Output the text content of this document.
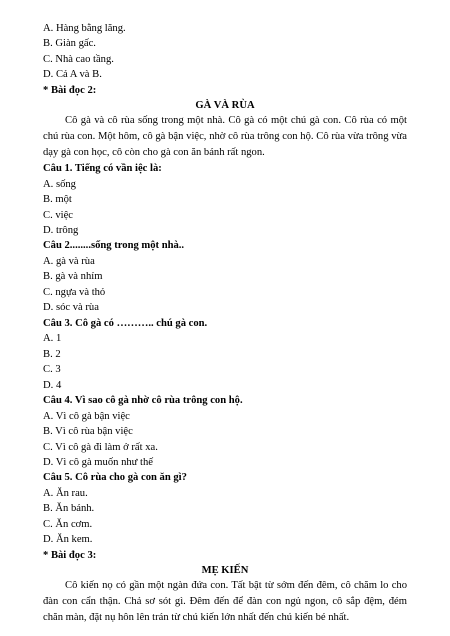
A. Hàng bằng lăng.
B. Giàn gấc.
C. Nhà cao tầng.
D. Cả A và B.
* Bài đọc 2:
GÀ VÀ RÙA
Cô gà và cô rùa sống trong một nhà. Cô gà có một chú gà con. Cô rùa có một chú rùa con. Một hôm, cô gà bận việc, nhờ cô rùa trông con hộ. Cô rùa vừa trông vừa dạy gà con học, cô còn cho gà con ăn bánh rất ngon.
Câu 1. Tiếng có vần iệc là:
A. sống
B. một
C. việc
D. trông
Câu 2........sống trong một nhà..
A. gà và rùa
B. gà và nhím
C. ngựa và thỏ
D. sóc và rùa
Câu 3. Cô gà có ……….. chú gà con.
A. 1
B. 2
C. 3
D. 4
Câu 4. Vì sao cô gà nhờ cô rùa trông con hộ.
A. Vì cô gà bận việc
B. Vì cô rùa bận việc
C. Vì cô gà đi làm ở rất xa.
D. Vì cô gà muốn như thế
Câu 5. Cô rùa cho gà con ăn gì?
A. Ăn rau.
B. Ăn bánh.
C. Ăn cơm.
D. Ăn kem.
* Bài đọc 3:
MẸ KIẾN
Cô kiến nọ có gần một ngàn đứa con. Tất bật từ sớm đến đêm, cô chăm lo cho đàn con cẩn thận. Chả sơ sót gì. Đêm đến để đàn con ngủ ngon, cô sắp đệm, đém chăn màn, đặt nụ hôn lên trán từ chú kiến lớn nhất đến chú kiến bé nhất.
